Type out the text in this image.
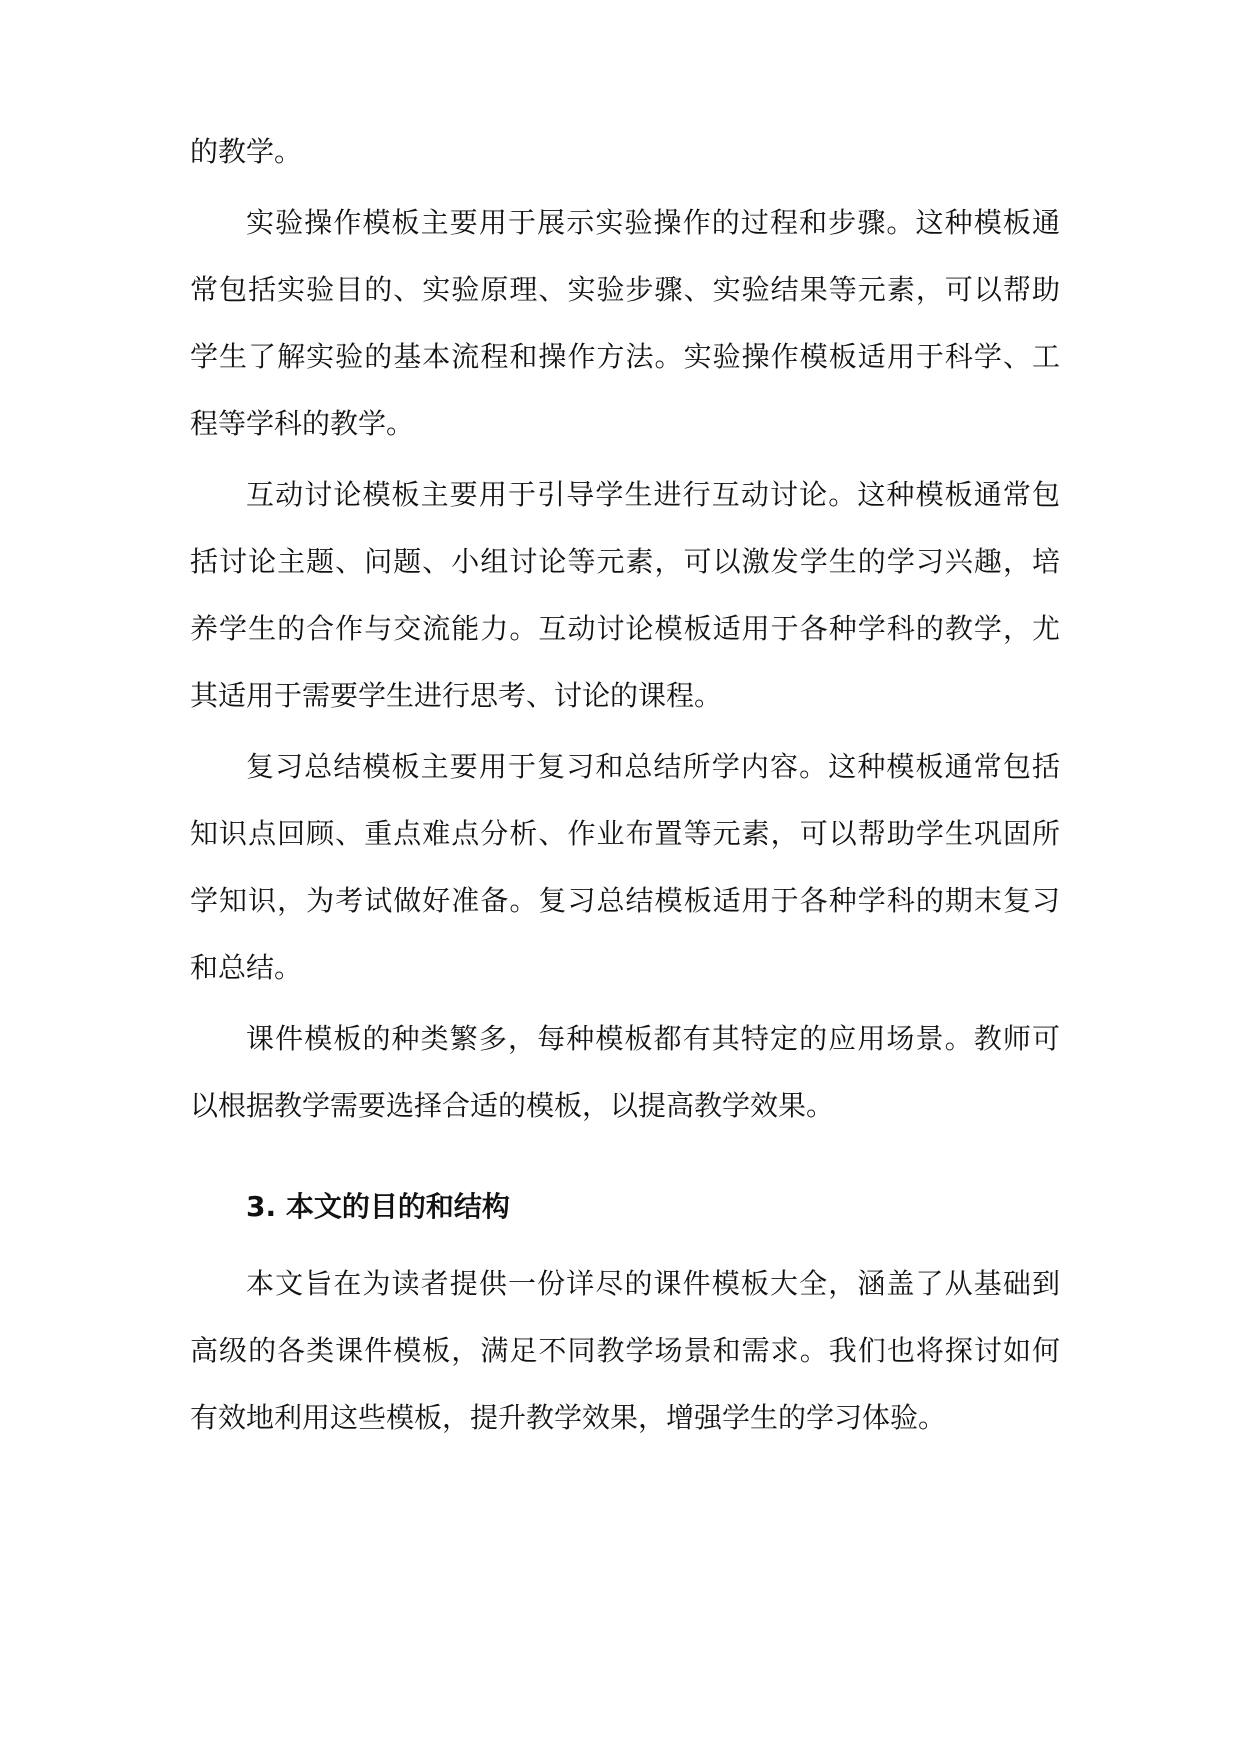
的教学。
实验操作模板主要用于展示实验操作的过程和步骤。这种模板通
常包括实验目的、实验原理、实验步骤、实验结果等元素，可以帮助
学生了解实验的基本流程和操作方法。实验操作模板适用于科学、工
程等学科的教学。
互动讨论模板主要用于引导学生进行互动讨论。这种模板通常包
括讨论主题、问题、小组讨论等元素，可以激发学生的学习兴趣，培
养学生的合作与交流能力。互动讨论模板适用于各种学科的教学，尤
其适用于需要学生进行思考、讨论的课程。
复习总结模板主要用于复习和总结所学内容。这种模板通常包括
知识点回顾、重点难点分析、作业布置等元素，可以帮助学生巩固所
学知识，为考试做好准备。复习总结模板适用于各种学科的期末复习
和总结。
课件模板的种类繁多，每种模板都有其特定的应用场景。教师可
以根据教学需要选择合适的模板，以提高教学效果。
3. 本文的目的和结构
本文旨在为读者提供一份详尽的课件模板大全，涵盖了从基础到
高级的各类课件模板，满足不同教学场景和需求。我们也将探讨如何
有效地利用这些模板，提升教学效果，增强学生的学习体验。
